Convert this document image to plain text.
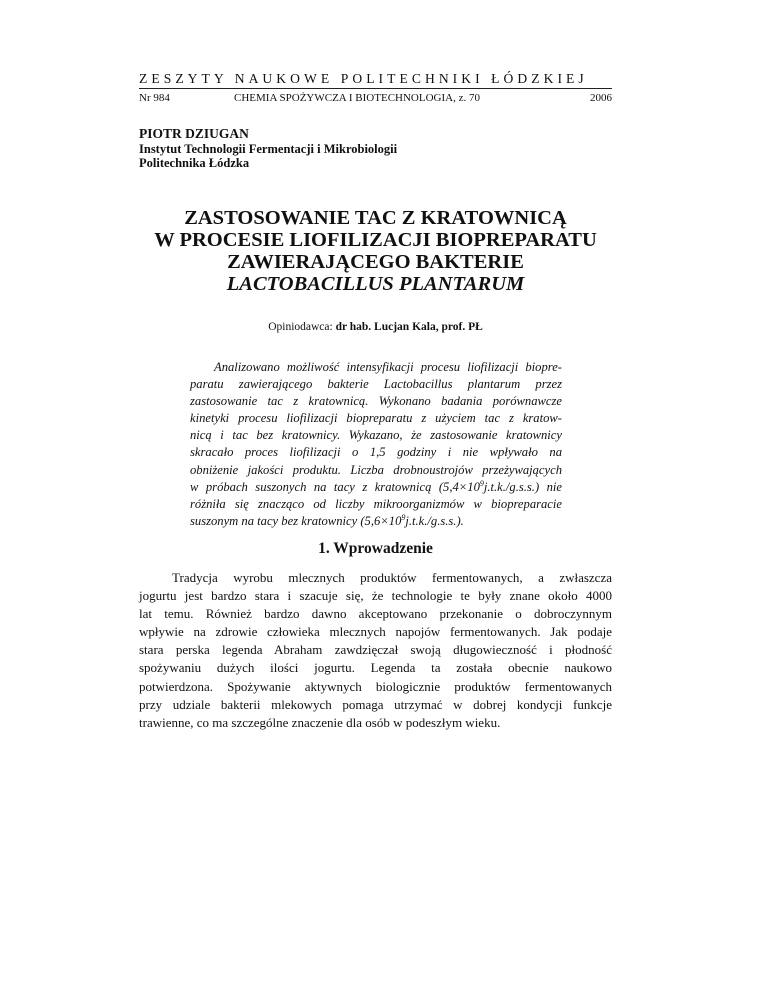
ZESZYTY NAUKOWE POLITECHNIKI ŁÓDZKIEJ
Nr 984	CHEMIA SPOŻYWCZA I BIOTECHNOLOGIA, z. 70	2006
PIOTR DZIUGAN
Instytut Technologii Fermentacji i Mikrobiologii
Politechnika Łódzka
ZASTOSOWANIE TAC Z KRATOWNICĄ
W PROCESIE LIOFILIZACJI BIOPREPARATU
ZAWIERAJĄCEGO BAKTERIE
LACTOBACILLUS PLANTARUM
Opiniodawca: dr hab. Lucjan Kala, prof. PŁ
Analizowano możliwość intensyfikacji procesu liofilizacji biopre-
paratu zawierającego bakterie Lactobacillus plantarum przez
zastosowanie tac z kratownicą. Wykonano badania porównawcze
kinetyki procesu liofilizacji biopreparatu z użyciem tac z kratow-
nicą i tac bez kratownicy. Wykazano, że zastosowanie kratownicy
skracało proces liofilizacji o 1,5 godziny i nie wpływało na
obniżenie jakości produktu. Liczba drobnoustrojów przeżywających
w próbach suszonych na tacy z kratownicą $(5,4\times 10^9j.t.k./g.s.s.)$ nie
różniła się znacząco od liczby mikroorganizmów w biopreparacie
suszonym na tacy bez kratownicy $(5,6\times 10^9j.t.k./g.s.s.)$.
1. Wprowadzenie
Tradycja wyrobu mlecznych produktów fermentowanych, a zwłaszcza
jogurtu jest bardzo stara i szacuje się, że technologie te były znane około 4000
lat temu. Również bardzo dawno akceptowano przekonanie o dobroczynnym
wpływie na zdrowie człowieka mlecznych napojów fermentowanych. Jak podaje
stara perska legenda Abraham zawdzięczał swoją długowieczność i płodność
spożywaniu dużych ilości jogurtu. Legenda ta została obecnie naukowo
potwierdzona. Spożywanie aktywnych biologicznie produktów fermentowanych
przy udziale bakterii mlekowych pomaga utrzymać w dobrej kondycji funkcje
trawienne, co ma szczególne znaczenie dla osób w podeszłym wieku.
